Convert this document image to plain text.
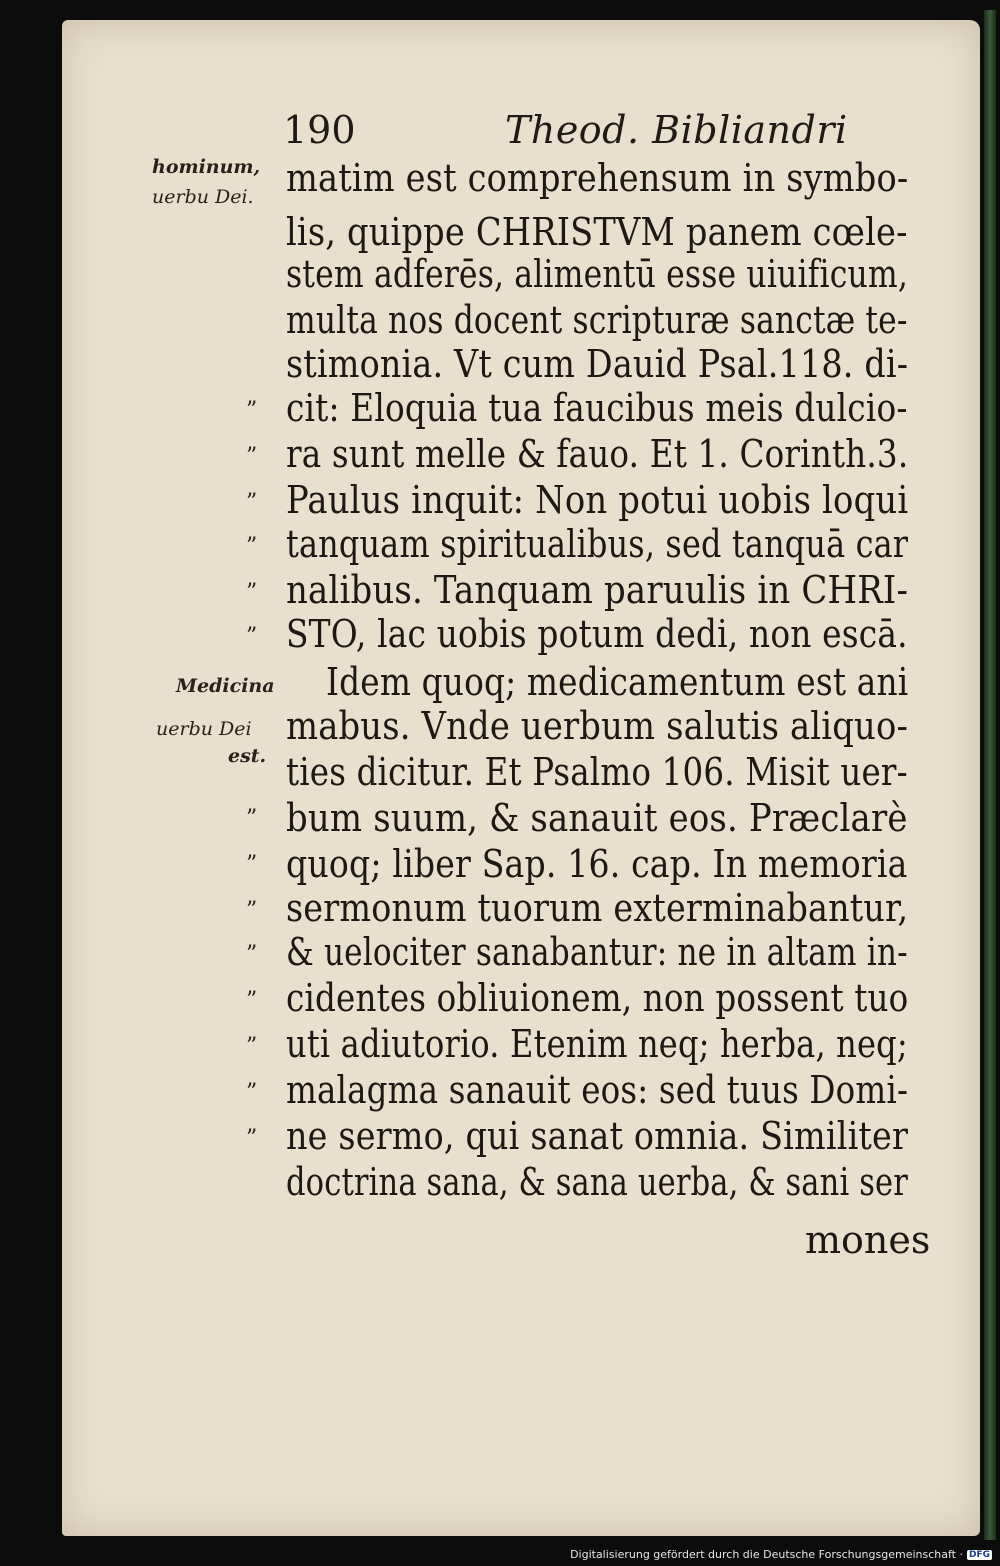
190	Theod. Bibliandri
hominum,
uerbu Dei.
Medicina
uerbu Dei
est.
matim est comprehensum in symbo-
lis, quippe CHRISTVM panem cœle-
stem adferēs, alimentū esse uiuificum,
multa nos docent scripturæ sanctæ te-
stimonia. Vt cum Dauid Psal.118. di-
cit: Eloquia tua faucibus meis dulcio-
ra sunt melle & fauo. Et 1. Corinth.3.
Paulus inquit: Non potui uobis loqui
tanquam spiritualibus, sed tanquā car
nalibus. Tanquam paruulis in CHRI-
STO, lac uobis potum dedi, non escā.
Idem quoq; medicamentum est ani
mabus. Vnde uerbum salutis aliquo-
ties dicitur. Et Psalmo 106. Misit uer-
bum suum, & sanauit eos. Præclarè
quoq; liber Sap. 16. cap. In memoria
sermonum tuorum exterminabantur,
& uelociter sanabantur: ne in altam in-
cidentes obliuionem, non possent tuo
uti adiutorio. Etenim neq; herba, neq;
malagma sanauit eos: sed tuus Domi-
ne sermo, qui sanat omnia. Similiter
doctrina sana, & sana uerba, & sani ser
mones
”
”
”
”
”
”
”
”
”
”
”
”
”
”
Digitalisierung gefördert durch die Deutsche Forschungsgemeinschaft · DFG
